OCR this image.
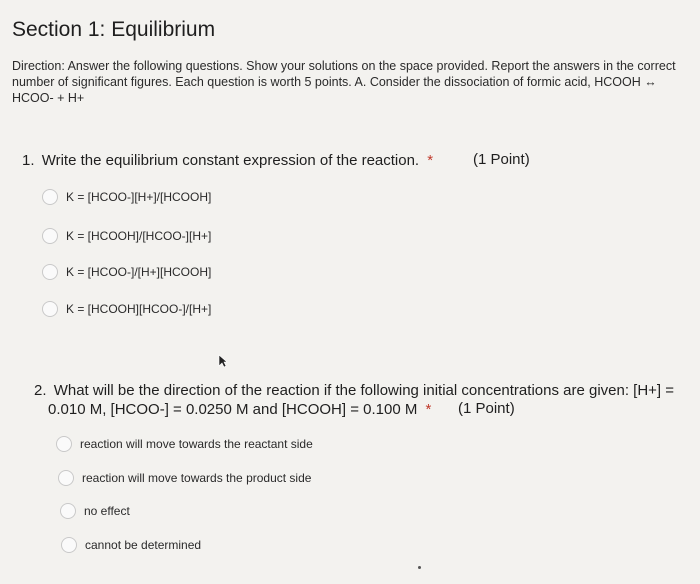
Section 1: Equilibrium
Direction: Answer the following questions. Show your solutions on the space provided. Report the answers in the correct
number of significant figures. Each question is worth 5 points. A. Consider the dissociation of formic acid, HCOOH ↔
HCOO- + H+
1. Write the equilibrium constant expression of the reaction. *	(1 Point)
K = [HCOO-][H+]/[HCOOH]
K = [HCOOH]/[HCOO-][H+]
K = [HCOO-]/[H+][HCOOH]
K = [HCOOH][HCOO-]/[H+]
2. What will be the direction of the reaction if the following initial concentrations are given: [H+] =
0.010 M, [HCOO-] = 0.0250 M and [HCOOH] = 0.100 M *	(1 Point)
reaction will move towards the reactant side
reaction will move towards the product side
no effect
cannot be determined
